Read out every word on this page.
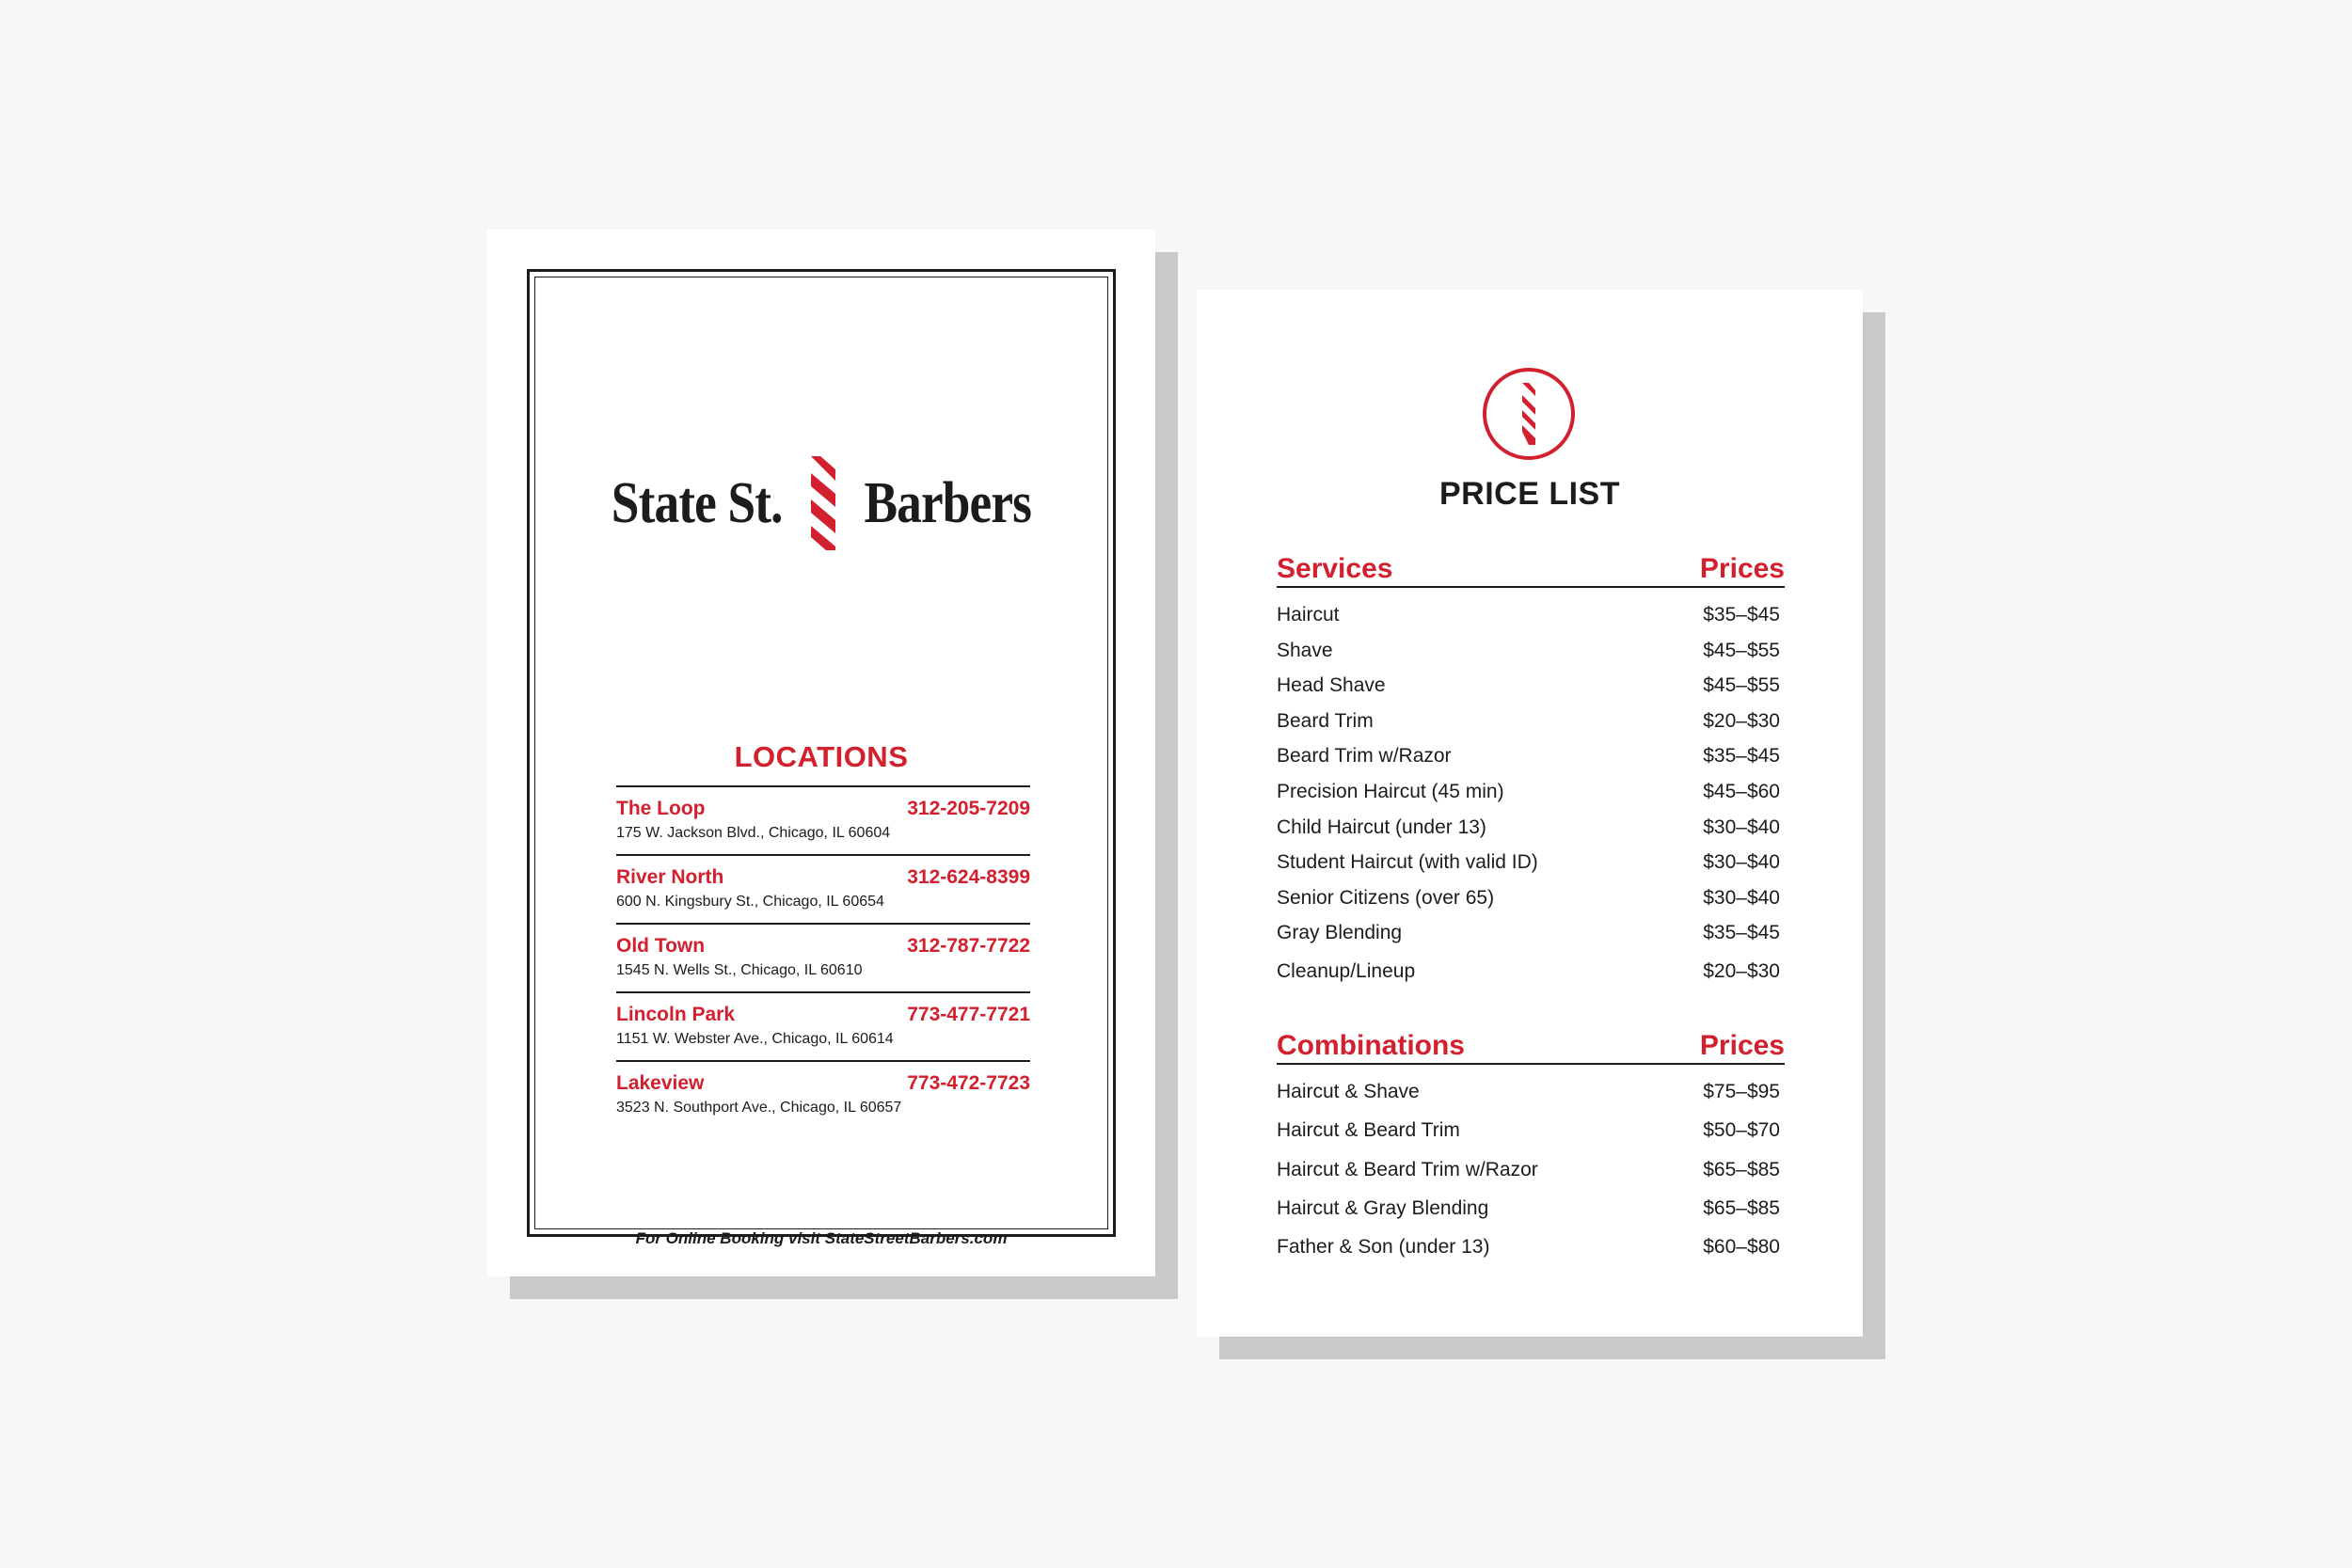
State St. Barbers
LOCATIONS
The Loop	312-205-7209
175 W. Jackson Blvd., Chicago, IL 60604
River North	312-624-8399
600 N. Kingsbury St., Chicago, IL 60654
Old Town	312-787-7722
1545 N. Wells St., Chicago, IL 60610
Lincoln Park	773-477-7721
1151 W. Webster Ave., Chicago, IL 60614
Lakeview	773-472-7723
3523 N. Southport Ave., Chicago, IL 60657
For Online Booking visit StateStreetBarbers.com
PRICE LIST
Services	Prices
Haircut	$35–$45
Shave	$45–$55
Head Shave	$45–$55
Beard Trim	$20–$30
Beard Trim w/Razor	$35–$45
Precision Haircut (45 min)	$45–$60
Child Haircut (under 13)	$30–$40
Student Haircut (with valid ID)	$30–$40
Senior Citizens (over 65)	$30–$40
Gray Blending	$35–$45
Cleanup/Lineup	$20–$30
Combinations	Prices
Haircut & Shave	$75–$95
Haircut & Beard Trim	$50–$70
Haircut & Beard Trim w/Razor	$65–$85
Haircut & Gray Blending	$65–$85
Father & Son (under 13)	$60–$80
